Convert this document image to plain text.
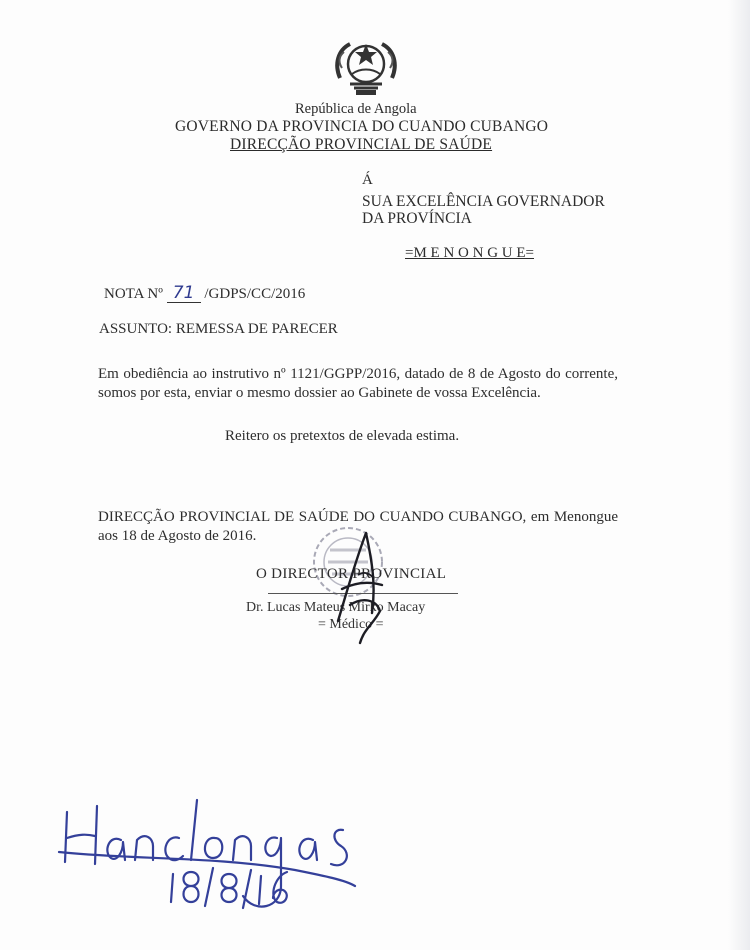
República de Angola

GOVERNO DA PROVINCIA DO CUANDO CUBANGO

DIRECÇÃO PROVINCIAL DE SAÚDE

Á

SUA EXCELÊNCIA GOVERNADOR

DA PROVÍNCIA

=M E N O N G U E=

NOTA Nº 71 /GDPS/CC/2016

ASSUNTO: REMESSA DE PARECER

Em obediência ao instrutivo nº 1121/GGPP/2016, datado de 8 de Agosto do corrente, somos por esta, enviar o mesmo dossier ao Gabinete de vossa Excelência.

Reitero os pretextos de elevada estima.

DIRECÇÃO PROVINCIAL DE SAÚDE DO CUANDO CUBANGO, em Menongue aos 18 de Agosto de 2016.

O DIRECTOR PROVINCIAL

Dr. Lucas Mateus Mirko Macay

= Médico =
